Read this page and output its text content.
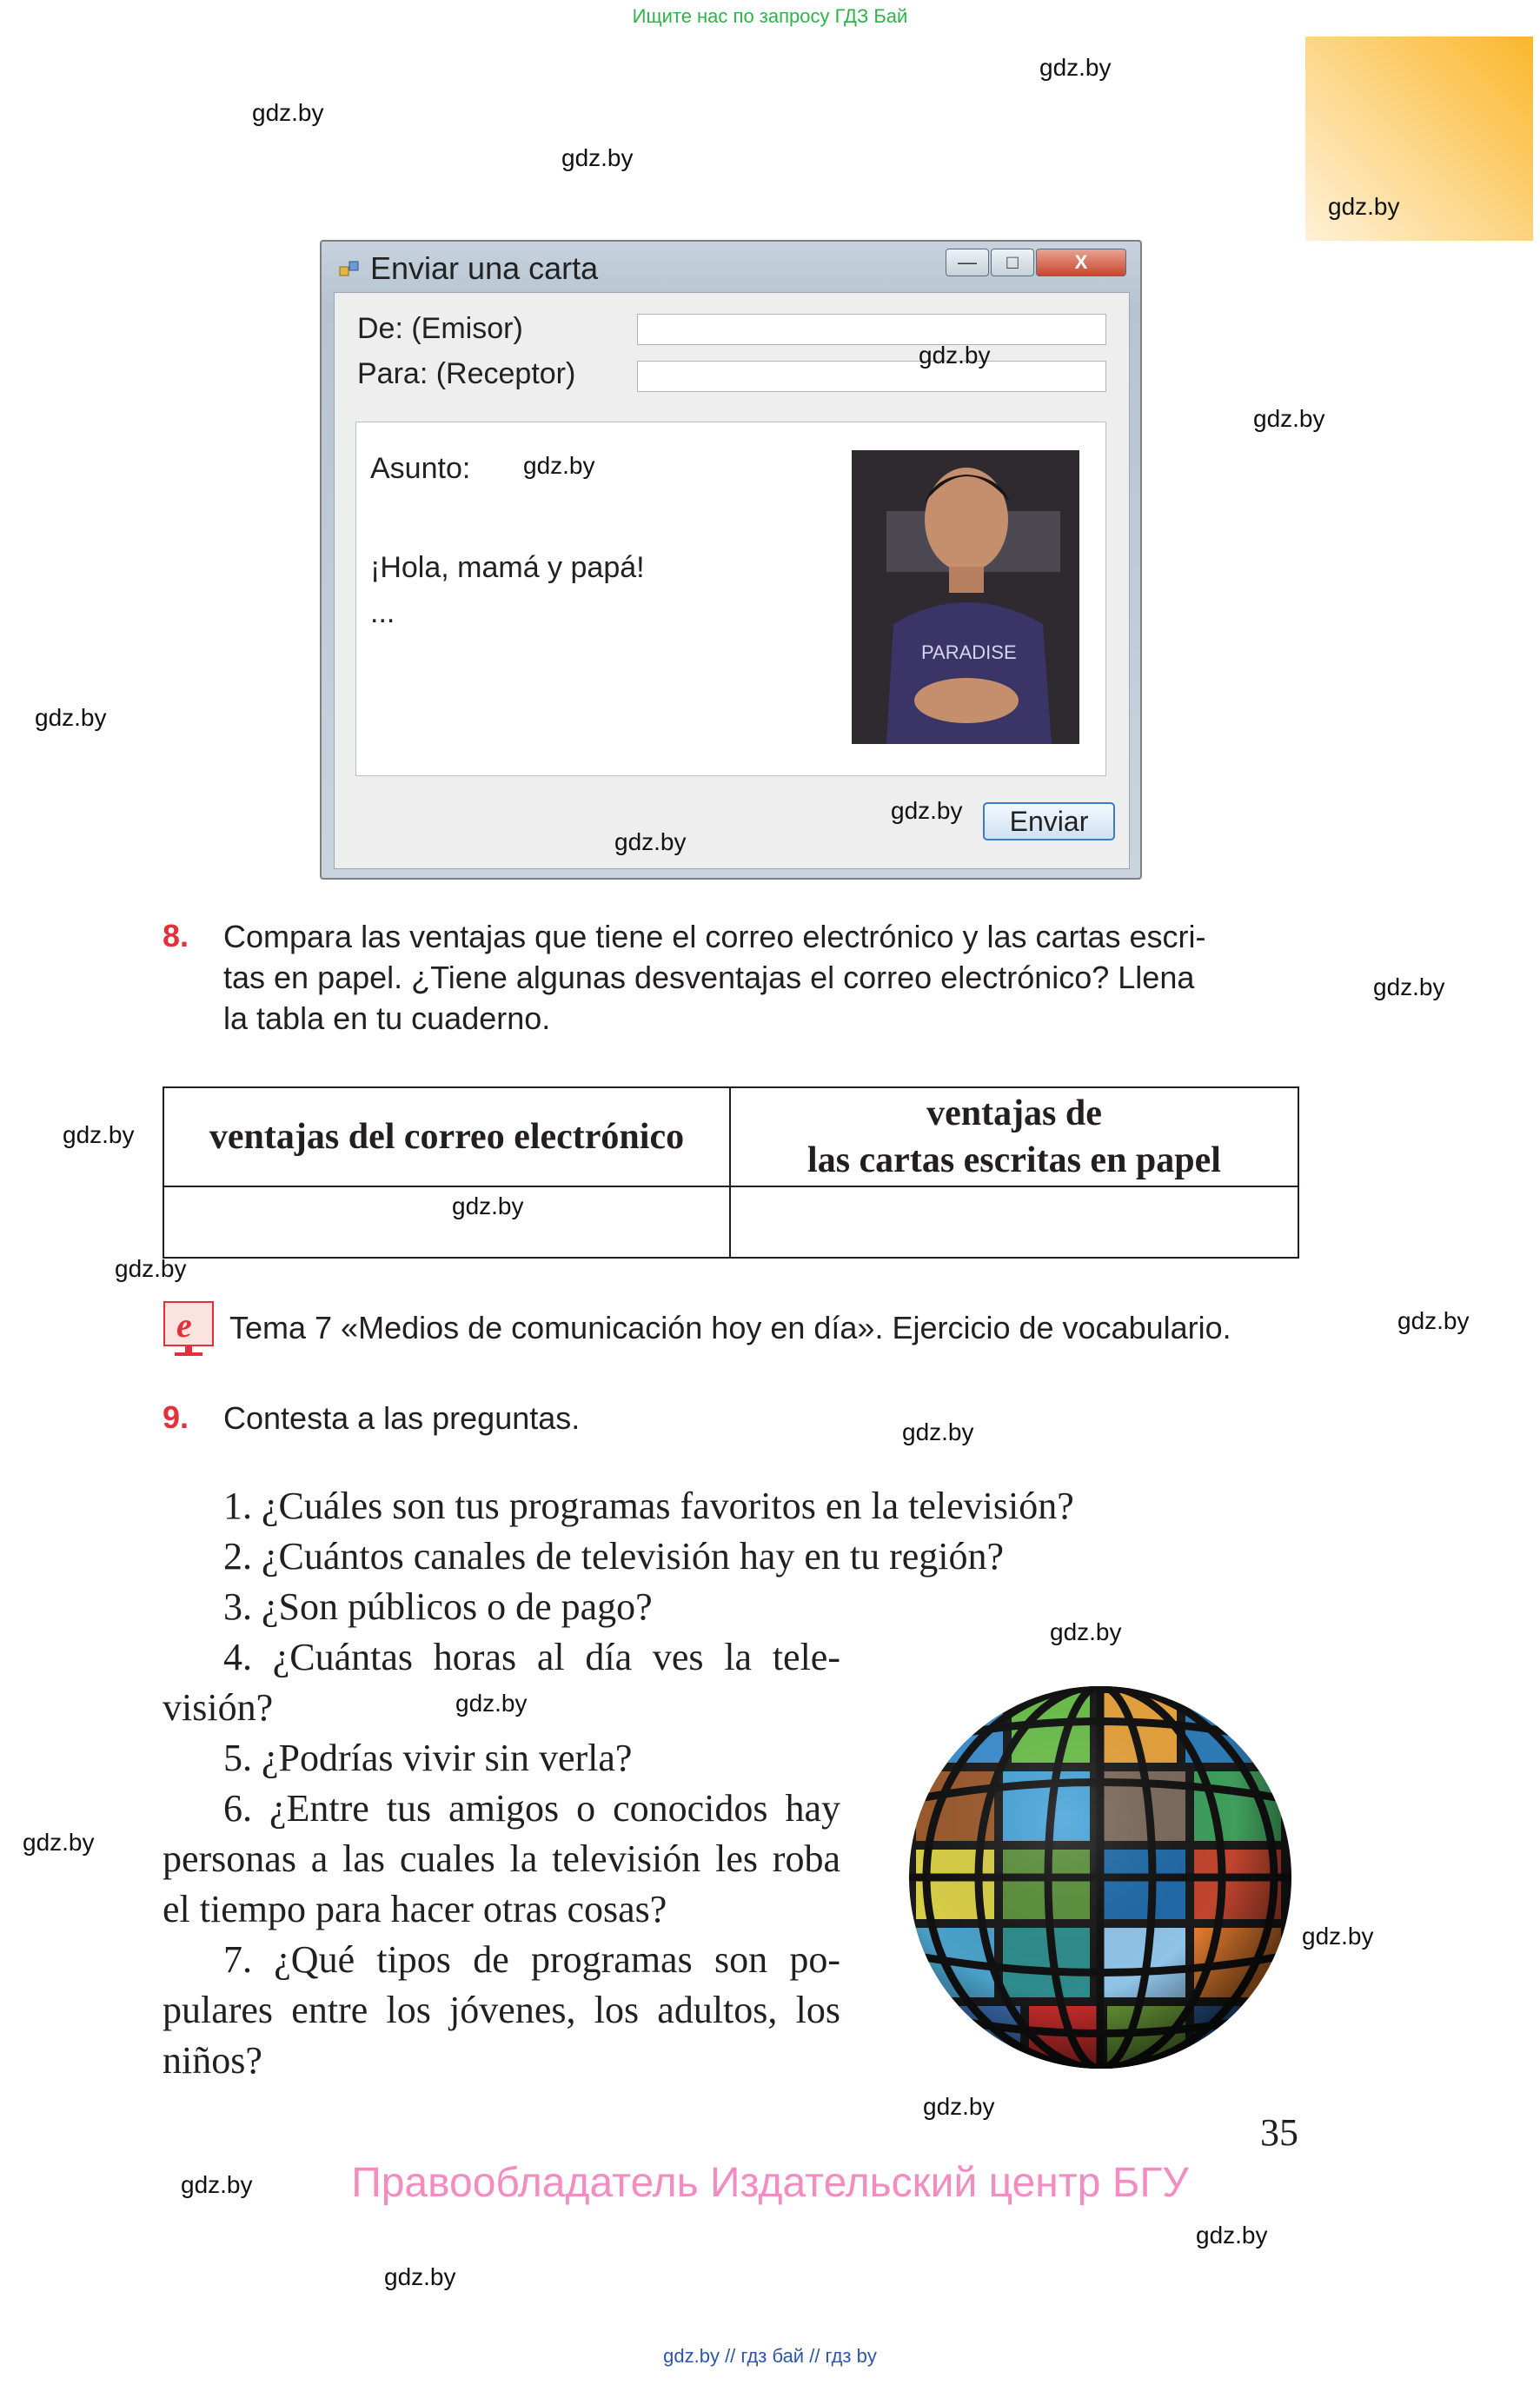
Ищите нас по запросу ГДЗ Бай
gdz.by
gdz.by
gdz.by
gdz.by
gdz.by
gdz.by
gdz.by
gdz.by
gdz.by
gdz.by
gdz.by
gdz.by
gdz.by
gdz.by
gdz.by
gdz.by
gdz.by
gdz.by
gdz.by
Enviar una carta	—	□	X
De: (Emisor)
Para: (Receptor)
gdz.by
Asunto: gdz.by
¡Hola, mamá y papá!
...
PARADISE
gdz.by
gdz.by
Enviar
8. Compara las ventajas que tiene el correo electrónico y las cartas escri-
tas en papel. ¿Tiene algunas desventajas el correo electrónico? Llena
la tabla en tu cuaderno.
ventajas del correo electrónico	ventajas de
las cartas escritas en papel

gdz.by
e Tema 7 «Medios de comunicación hoy en día». Ejercicio de vocabulario.
9. Contesta a las preguntas.
1. ¿Cuáles son tus programas favoritos en la televisión?
2. ¿Cuántos canales de televisión hay en tu región?
3. ¿Son públicos o de pago?
4. ¿Cuántas horas al día ves la tele-
visión?
5. ¿Podrías vivir sin verla?
6. ¿Entre tus amigos o conocidos hay
personas a las cuales la televisión les roba
el tiempo para hacer otras cosas?
7. ¿Qué tipos de programas son po-
pulares entre los jóvenes, los adultos, los
niños?
35
Правообладатель Издательский центр БГУ
gdz.by // гдз бай // гдз by
